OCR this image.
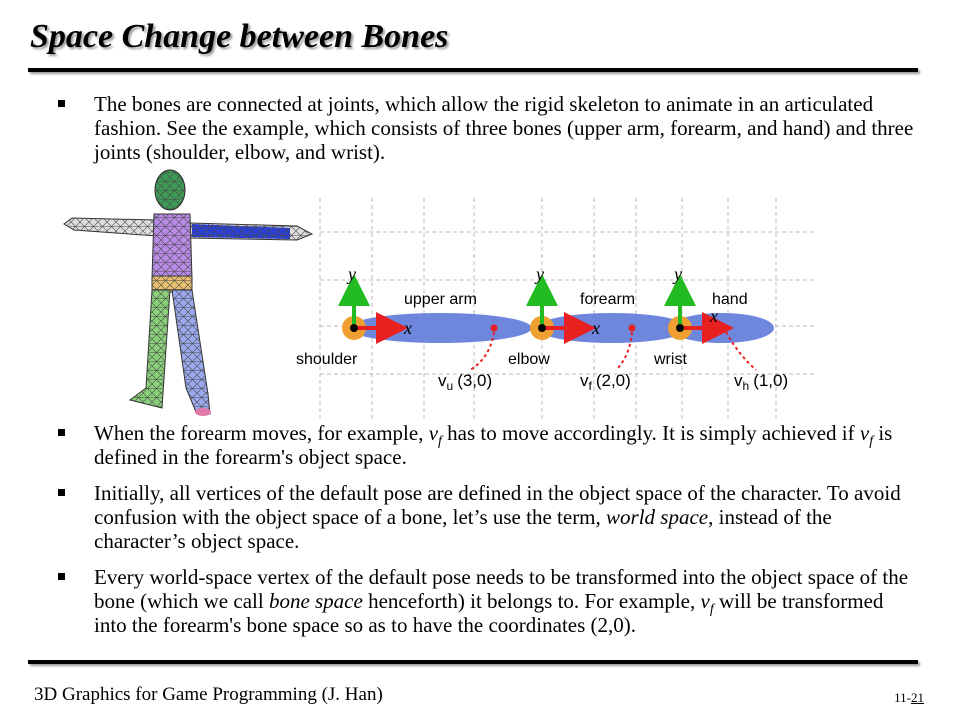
Space Change between Bones
The bones are connected at joints, which allow the rigid skeleton to animate in an articulated fashion. See the example, which consists of three bones (upper arm, forearm, and hand) and three joints (shoulder, elbow, and wrist).
y	y	y
x	x
x
upper arm	forearm	hand
shoulder	elbow	wrist
$v_u$ (3,0)	$v_f$ (2,0)	$v_h$ (1,0)
When the forearm moves, for example, $v_f$ has to move accordingly. It is simply achieved if $v_f$ is defined in the forearm's object space.
Initially, all vertices of the default pose are defined in the object space of the character. To avoid confusion with the object space of a bone, let’s use the term, world space, instead of the character’s object space.
Every world-space vertex of the default pose needs to be transformed into the object space of the bone (which we call bone space henceforth) it belongs to. For example, $v_f$ will be transformed into the forearm's bone space so as to have the coordinates (2,0).
3D Graphics for Game Programming (J. Han)	11-21
